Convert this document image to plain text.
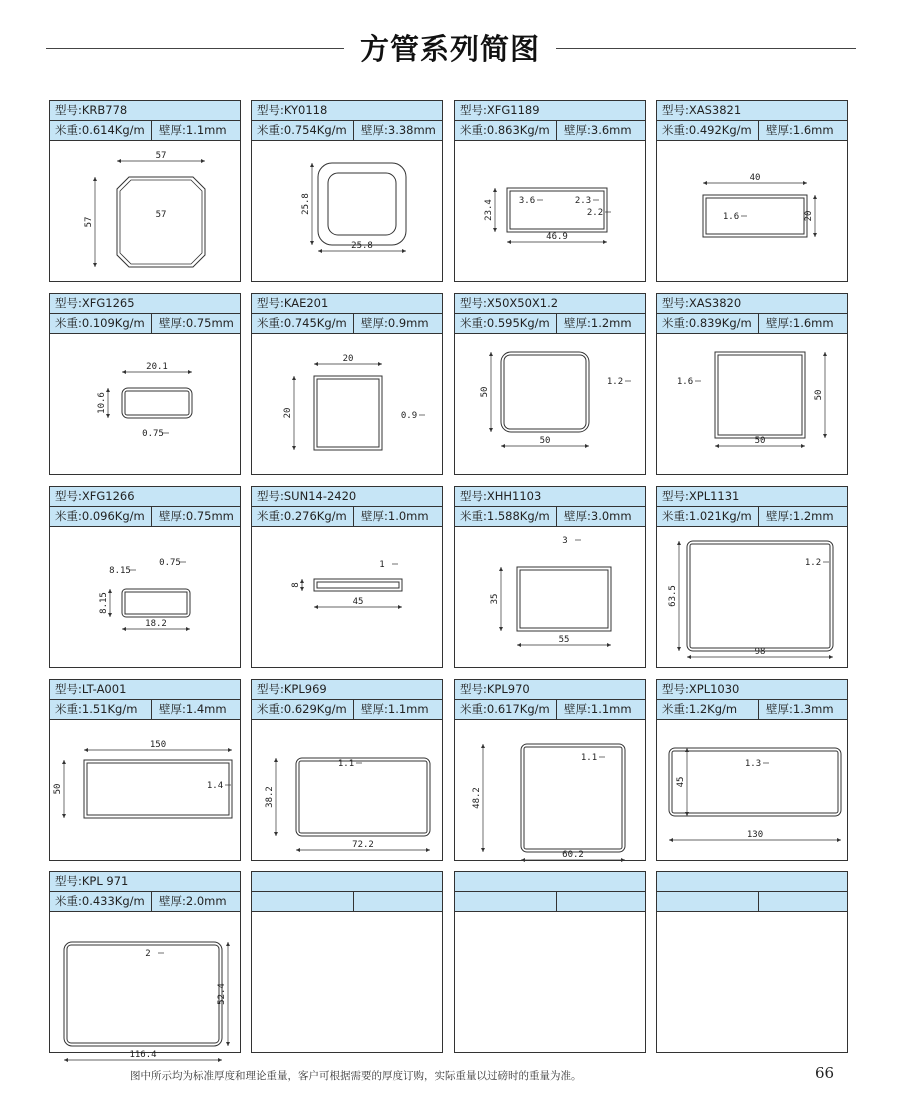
方管系列简图
型号:KRB778
米重:0.614Kg/m	壁厚:1.1mm
57
57
57
型号:KY0118
米重:0.754Kg/m	壁厚:3.38mm
25.8
25.8
型号:XFG1189
米重:0.863Kg/m	壁厚:3.6mm
46.9
23.4	3.6	2.3
2.2
型号:XAS3821
米重:0.492Kg/m	壁厚:1.6mm
40
20
1.6
型号:XFG1265
米重:0.109Kg/m	壁厚:0.75mm
20.1
10.6
0.75
型号:KAE201
米重:0.745Kg/m	壁厚:0.9mm
20
20	0.9
型号:X50X50X1.2
米重:0.595Kg/m	壁厚:1.2mm
50
50
1.2
型号:XAS3820
米重:0.839Kg/m	壁厚:1.6mm
50
50
1.6
型号:XFG1266
米重:0.096Kg/m	壁厚:0.75mm
18.2
8.15
8.15
0.75
型号:SUN14-2420
米重:0.276Kg/m	壁厚:1.0mm
45
8
1
型号:XHH1103
米重:1.588Kg/m	壁厚:3.0mm
55
35
3
型号:XPL1131
米重:1.021Kg/m	壁厚:1.2mm
98
63.5
1.2
型号:LT-A001
米重:1.51Kg/m	壁厚:1.4mm
150
50	1.4
型号:KPL969
米重:0.629Kg/m	壁厚:1.1mm
72.2
38.2
1.1
型号:KPL970
米重:0.617Kg/m	壁厚:1.1mm
60.2
48.2
1.1
型号:XPL1030
米重:1.2Kg/m	壁厚:1.3mm
130
45
1.3
型号:KPL 971
米重:0.433Kg/m	壁厚:2.0mm
116.4
52.4
2
图中所示均为标准厚度和理论重量，客户可根据需要的厚度订购，实际重量以过磅时的重量为准。	66
